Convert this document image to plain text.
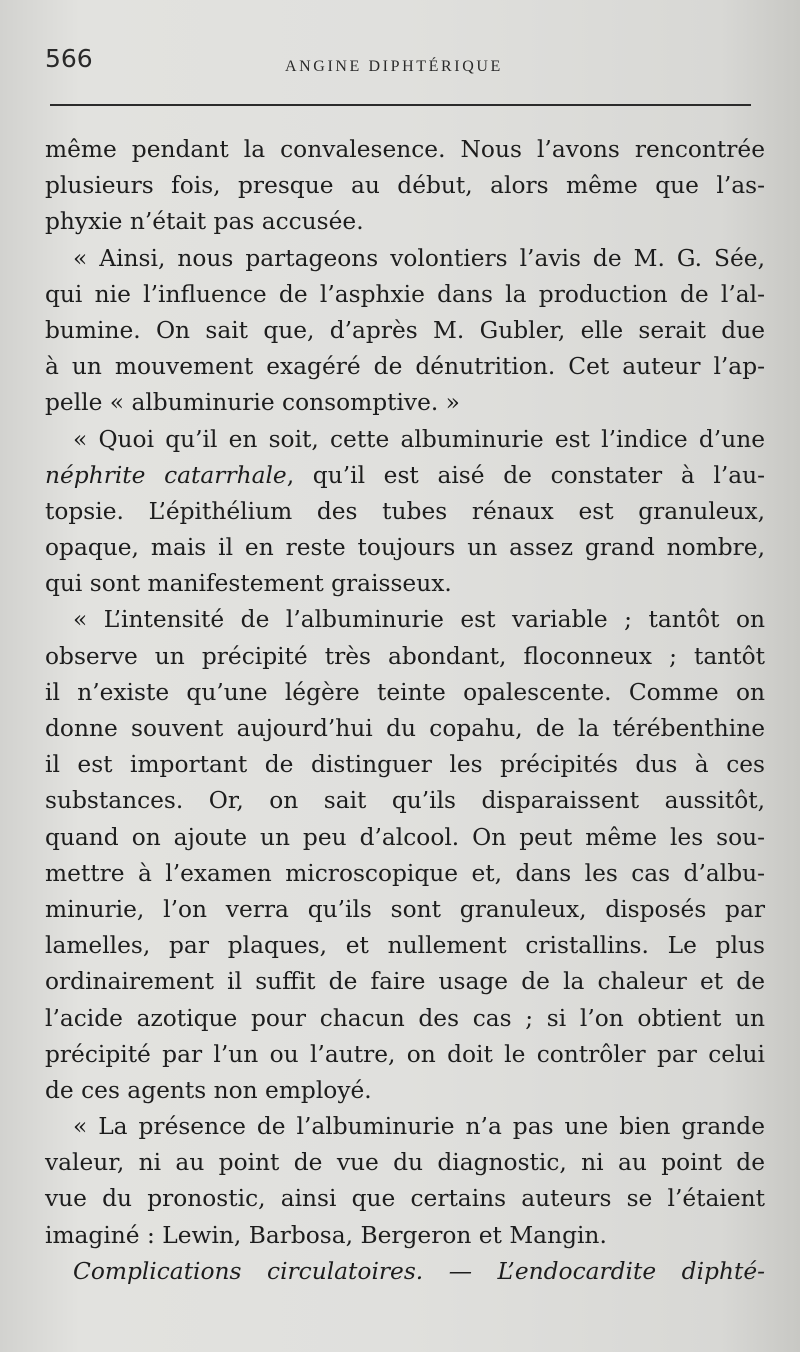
566	ANGINE DIPHTÉRIQUE
même pendant la convalesence. Nous l’avons rencontrée
plusieurs fois, presque au début, alors même que l’as-
phyxie n’était pas accusée.
« Ainsi, nous partageons volontiers l’avis de M. G. Sée,
qui nie l’influence de l’asphxie dans la production de l’al-
bumine. On sait que, d’après M. Gubler, elle serait due
à un mouvement exagéré de dénutrition. Cet auteur l’ap-
pelle « albuminurie consomptive. »
« Quoi qu’il en soit, cette albuminurie est l’indice d’une
néphrite catarrhale, qu’il est aisé de constater à l’au-
topsie. L’épithélium des tubes rénaux est granuleux,
opaque, mais il en reste toujours un assez grand nombre,
qui sont manifestement graisseux.
« L’intensité de l’albuminurie est variable ; tantôt on
observe un précipité très abondant, floconneux ; tantôt
il n’existe qu’une légère teinte opalescente. Comme on
donne souvent aujourd’hui du copahu, de la térébenthine
il est important de distinguer les précipités dus à ces
substances. Or, on sait qu’ils disparaissent aussitôt,
quand on ajoute un peu d’alcool. On peut même les sou-
mettre à l’examen microscopique et, dans les cas d’albu-
minurie, l’on verra qu’ils sont granuleux, disposés par
lamelles, par plaques, et nullement cristallins. Le plus
ordinairement il suffit de faire usage de la chaleur et de
l’acide azotique pour chacun des cas ; si l’on obtient un
précipité par l’un ou l’autre, on doit le contrôler par celui
de ces agents non employé.
« La présence de l’albuminurie n’a pas une bien grande
valeur, ni au point de vue du diagnostic, ni au point de
vue du pronostic, ainsi que certains auteurs se l’étaient
imaginé : Lewin, Barbosa, Bergeron et Mangin.
Complications circulatoires. — L’endocardite diphté-
